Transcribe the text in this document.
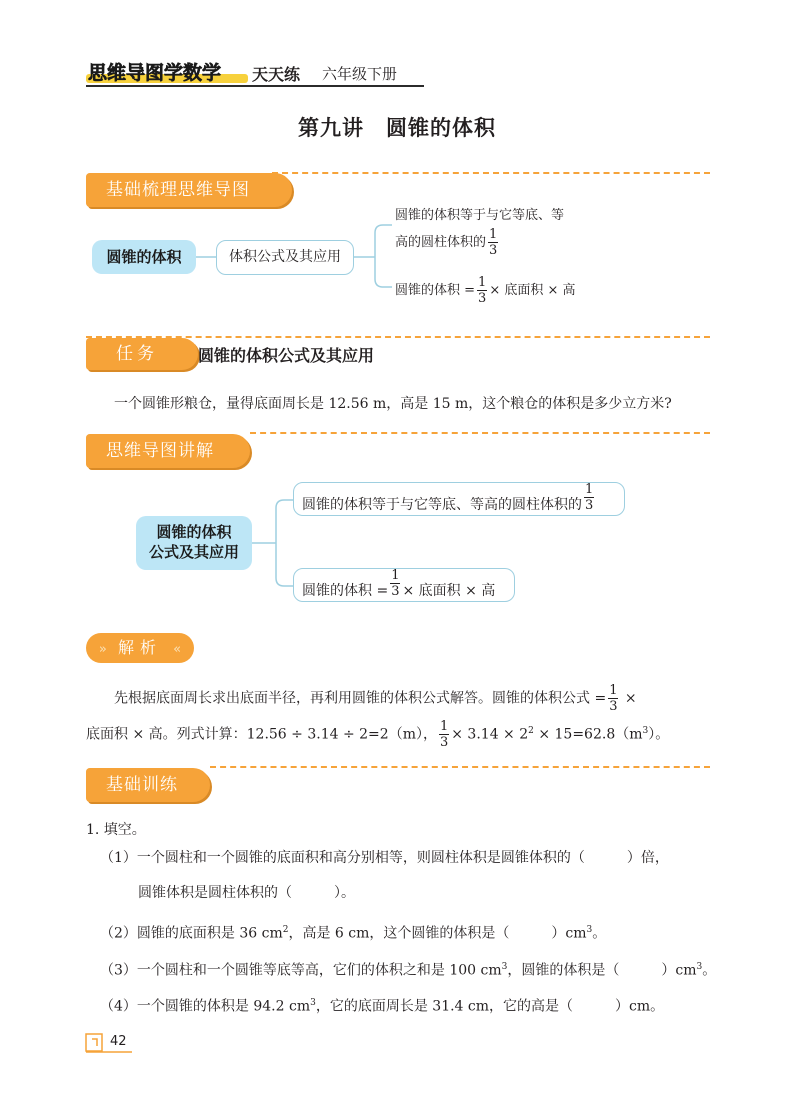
思维导图学数学 天天练 六年级下册
第九讲　圆锥的体积
基础梳理思维导图
圆锥的体积	体积公式及其应用
圆锥的体积等于与它等底、等
高的圆柱体积的 $\frac{1}{3}$
圆锥的体积 = $\frac{1}{3}$ × 底面积 × 高
任务	圆锥的体积公式及其应用
一个圆锥形粮仓，量得底面周长是 12.56 m，高是 15 m，这个粮仓的体积是多少立方米?
思维导图讲解
圆锥的体积
公式及其应用
圆锥的体积等于与它等底、等高的圆柱体积的 $\frac{1}{3}$
圆锥的体积 = $\frac{1}{3}$ × 底面积 × 高
» 解析 «
先根据底面周长求出底面半径，再利用圆锥的体积公式解答。圆锥的体积公式 = $\frac{1}{3}$ ×
底面积 × 高。列式计算：12.56 ÷ 3.14 ÷ 2=2（m）， $\frac{1}{3} \times 3.14 \times 2^2 \times 15=62.8(m^3)$。
基础训练
1. 填空。
（1）一个圆柱和一个圆锥的底面积和高分别相等，则圆柱体积是圆锥体积的（　　　）倍，
圆锥体积是圆柱体积的（　　　）。
（2）圆锥的底面积是 36 $cm^2$，高是 6 cm，这个圆锥的体积是（　　　）$cm^3$。
（3）一个圆柱和一个圆锥等底等高，它们的体积之和是 100 $cm^3$，圆锥的体积是（　　　）$cm^3$。
（4）一个圆锥的体积是 94.2 $cm^3$，它的底面周长是 31.4 cm，它的高是（　　　）cm。
42
